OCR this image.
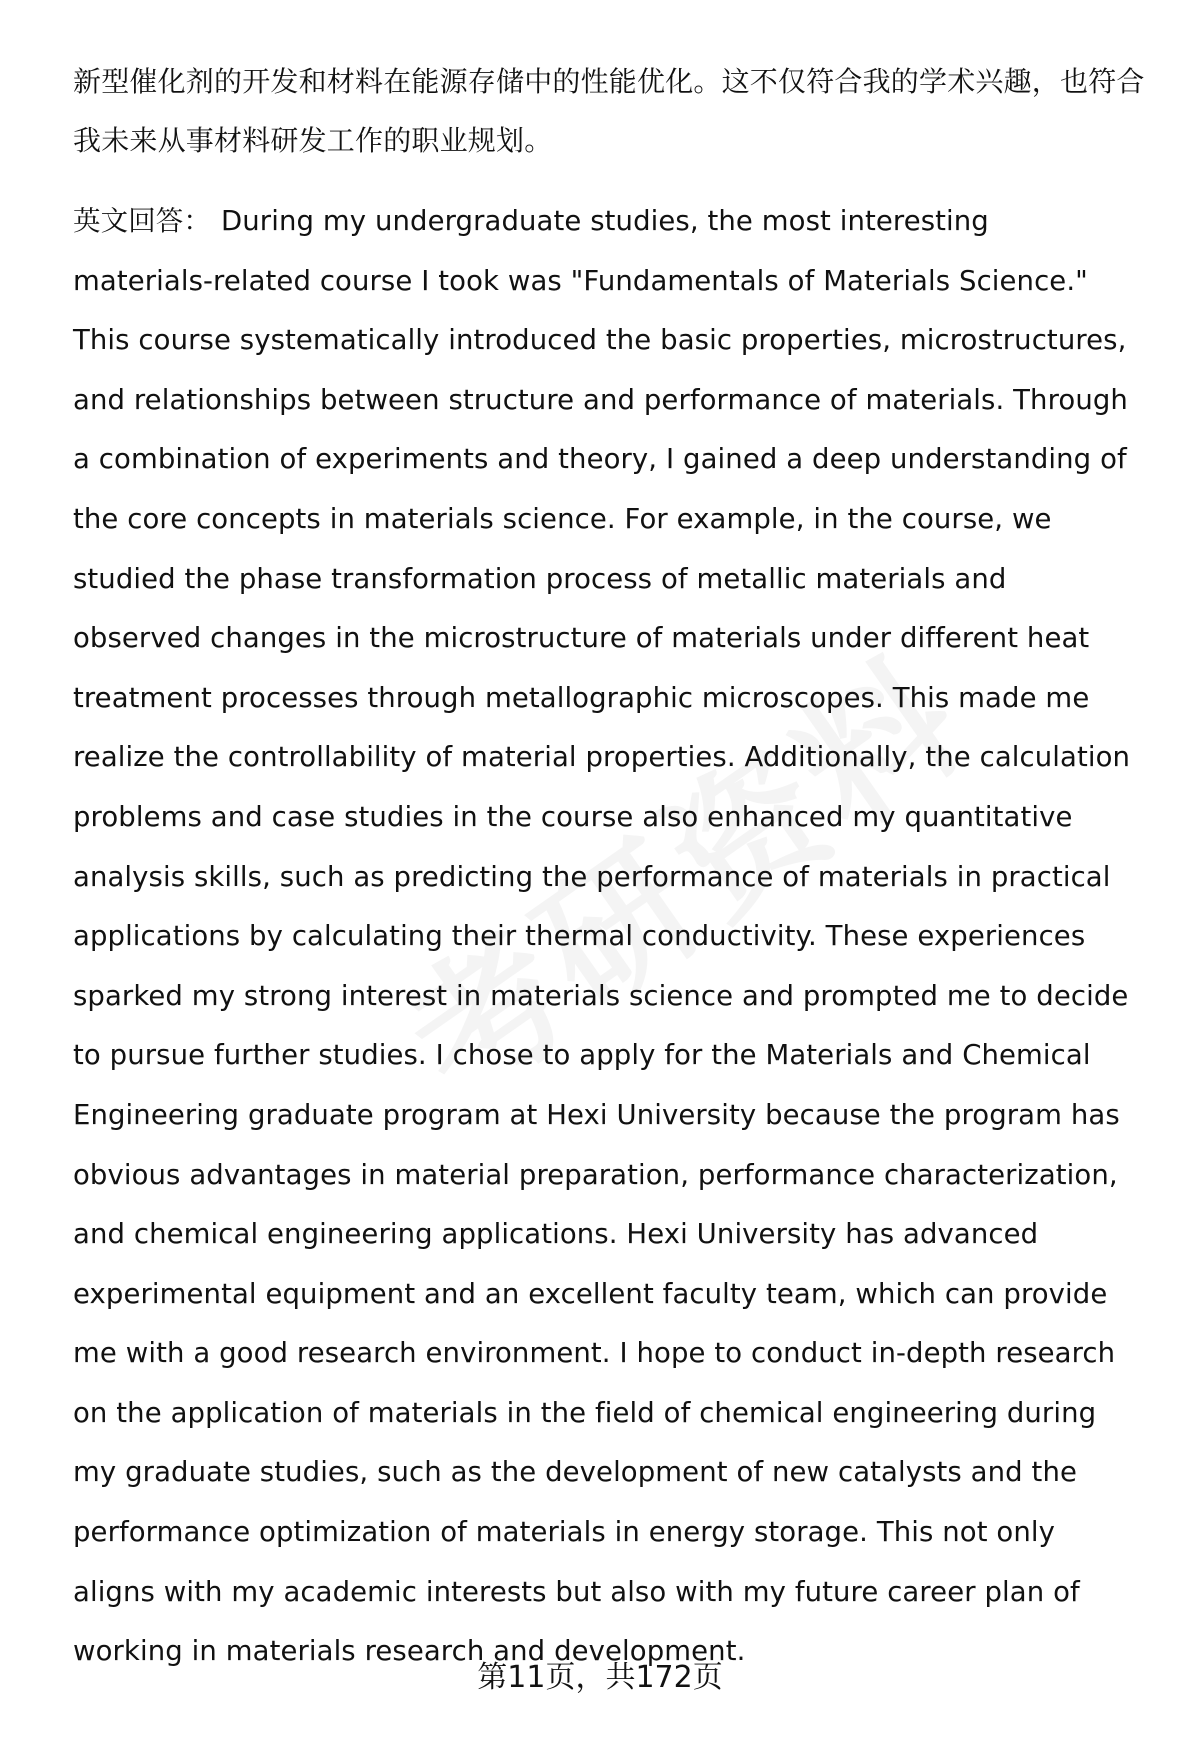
新型催化剂的开发和材料在能源存储中的性能优化。这不仅符合我的学术兴趣，也符合我未来从事材料研发工作的职业规划。

英文回答： During my undergraduate studies, the most interesting
materials-related course I took was "Fundamentals of Materials Science."
This course systematically introduced the basic properties, microstructures,
and relationships between structure and performance of materials. Through
a combination of experiments and theory, I gained a deep understanding of
the core concepts in materials science. For example, in the course, we
studied the phase transformation process of metallic materials and
observed changes in the microstructure of materials under different heat
treatment processes through metallographic microscopes. This made me
realize the controllability of material properties. Additionally, the calculation
problems and case studies in the course also enhanced my quantitative
analysis skills, such as predicting the performance of materials in practical
applications by calculating their thermal conductivity. These experiences
sparked my strong interest in materials science and prompted me to decide
to pursue further studies. I chose to apply for the Materials and Chemical
Engineering graduate program at Hexi University because the program has
obvious advantages in material preparation, performance characterization,
and chemical engineering applications. Hexi University has advanced
experimental equipment and an excellent faculty team, which can provide
me with a good research environment. I hope to conduct in-depth research
on the application of materials in the field of chemical engineering during
my graduate studies, such as the development of new catalysts and the
performance optimization of materials in energy storage. This not only
aligns with my academic interests but also with my future career plan of
working in materials research and development.

第11页，共172页
